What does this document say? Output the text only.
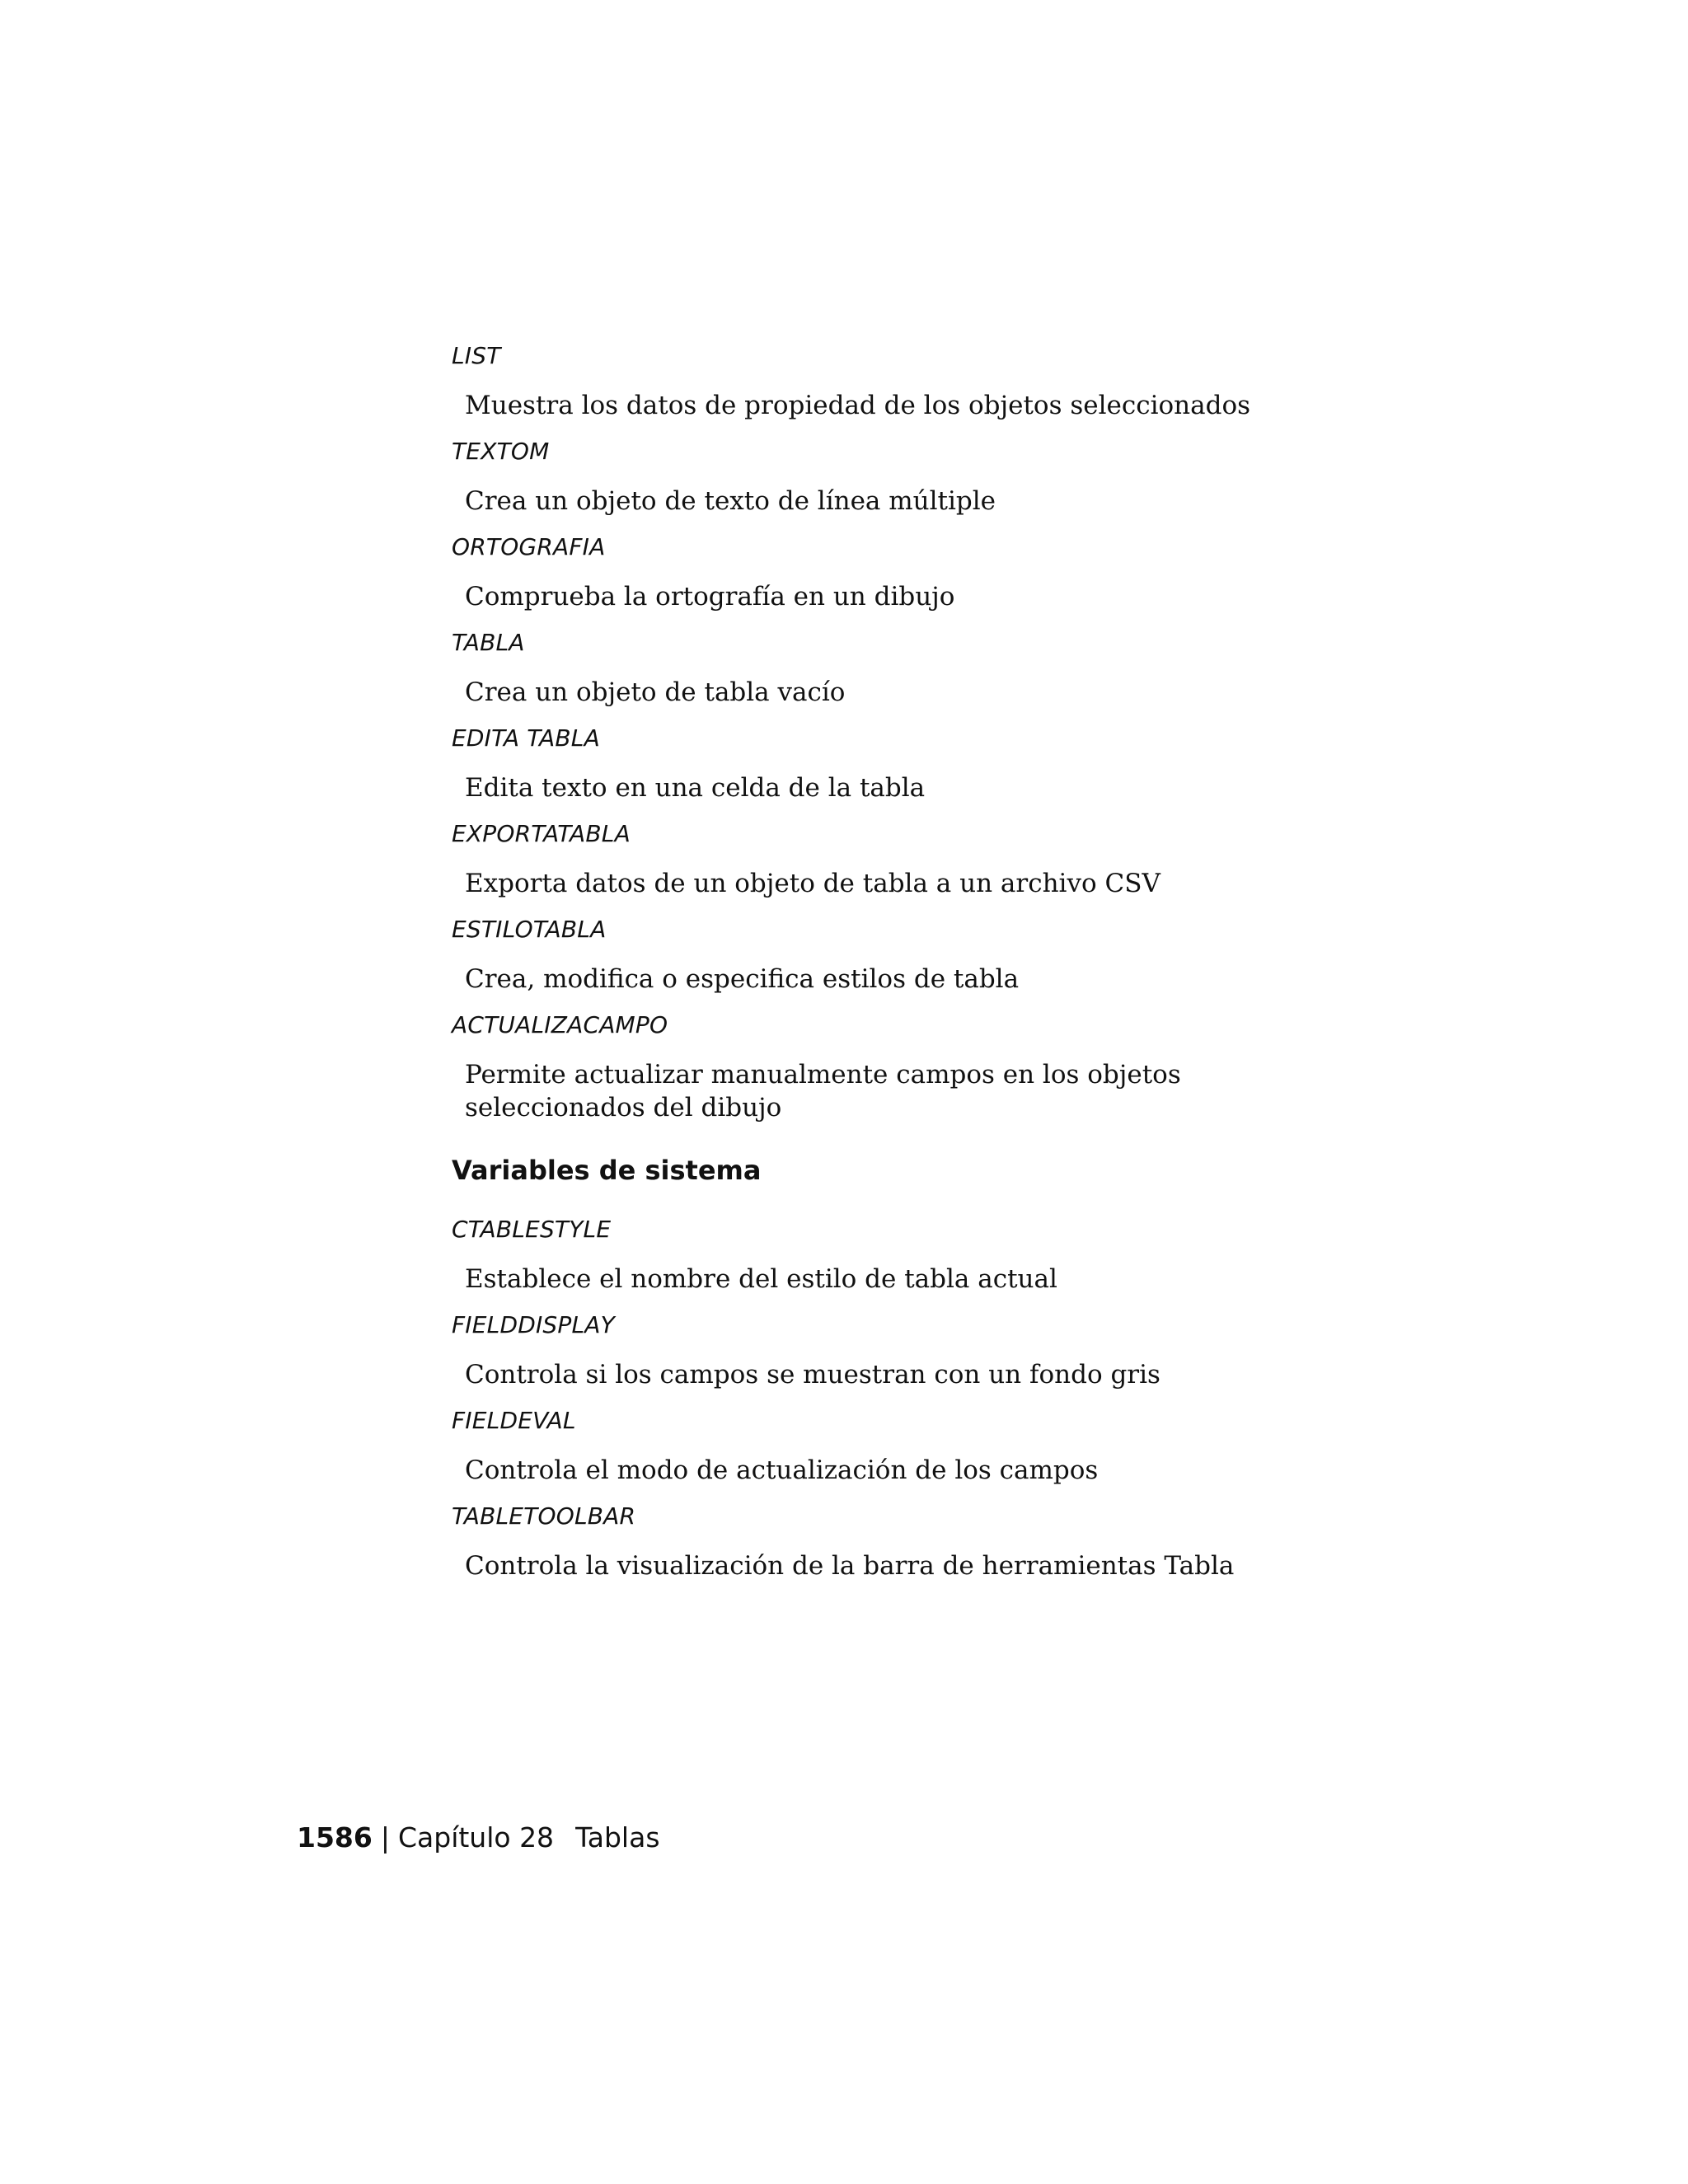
LIST
Muestra los datos de propiedad de los objetos seleccionados
TEXTOM
Crea un objeto de texto de línea múltiple
ORTOGRAFIA
Comprueba la ortografía en un dibujo
TABLA
Crea un objeto de tabla vacío
EDITA TABLA
Edita texto en una celda de la tabla
EXPORTATABLA
Exporta datos de un objeto de tabla a un archivo CSV
ESTILOTABLA
Crea, modifica o especifica estilos de tabla
ACTUALIZACAMPO
Permite actualizar manualmente campos en los objetos seleccionados del dibujo
Variables de sistema
CTABLESTYLE
Establece el nombre del estilo de tabla actual
FIELDDISPLAY
Controla si los campos se muestran con un fondo gris
FIELDEVAL
Controla el modo de actualización de los campos
TABLETOOLBAR
Controla la visualización de la barra de herramientas Tabla
1586 | Capítulo 28 Tablas
